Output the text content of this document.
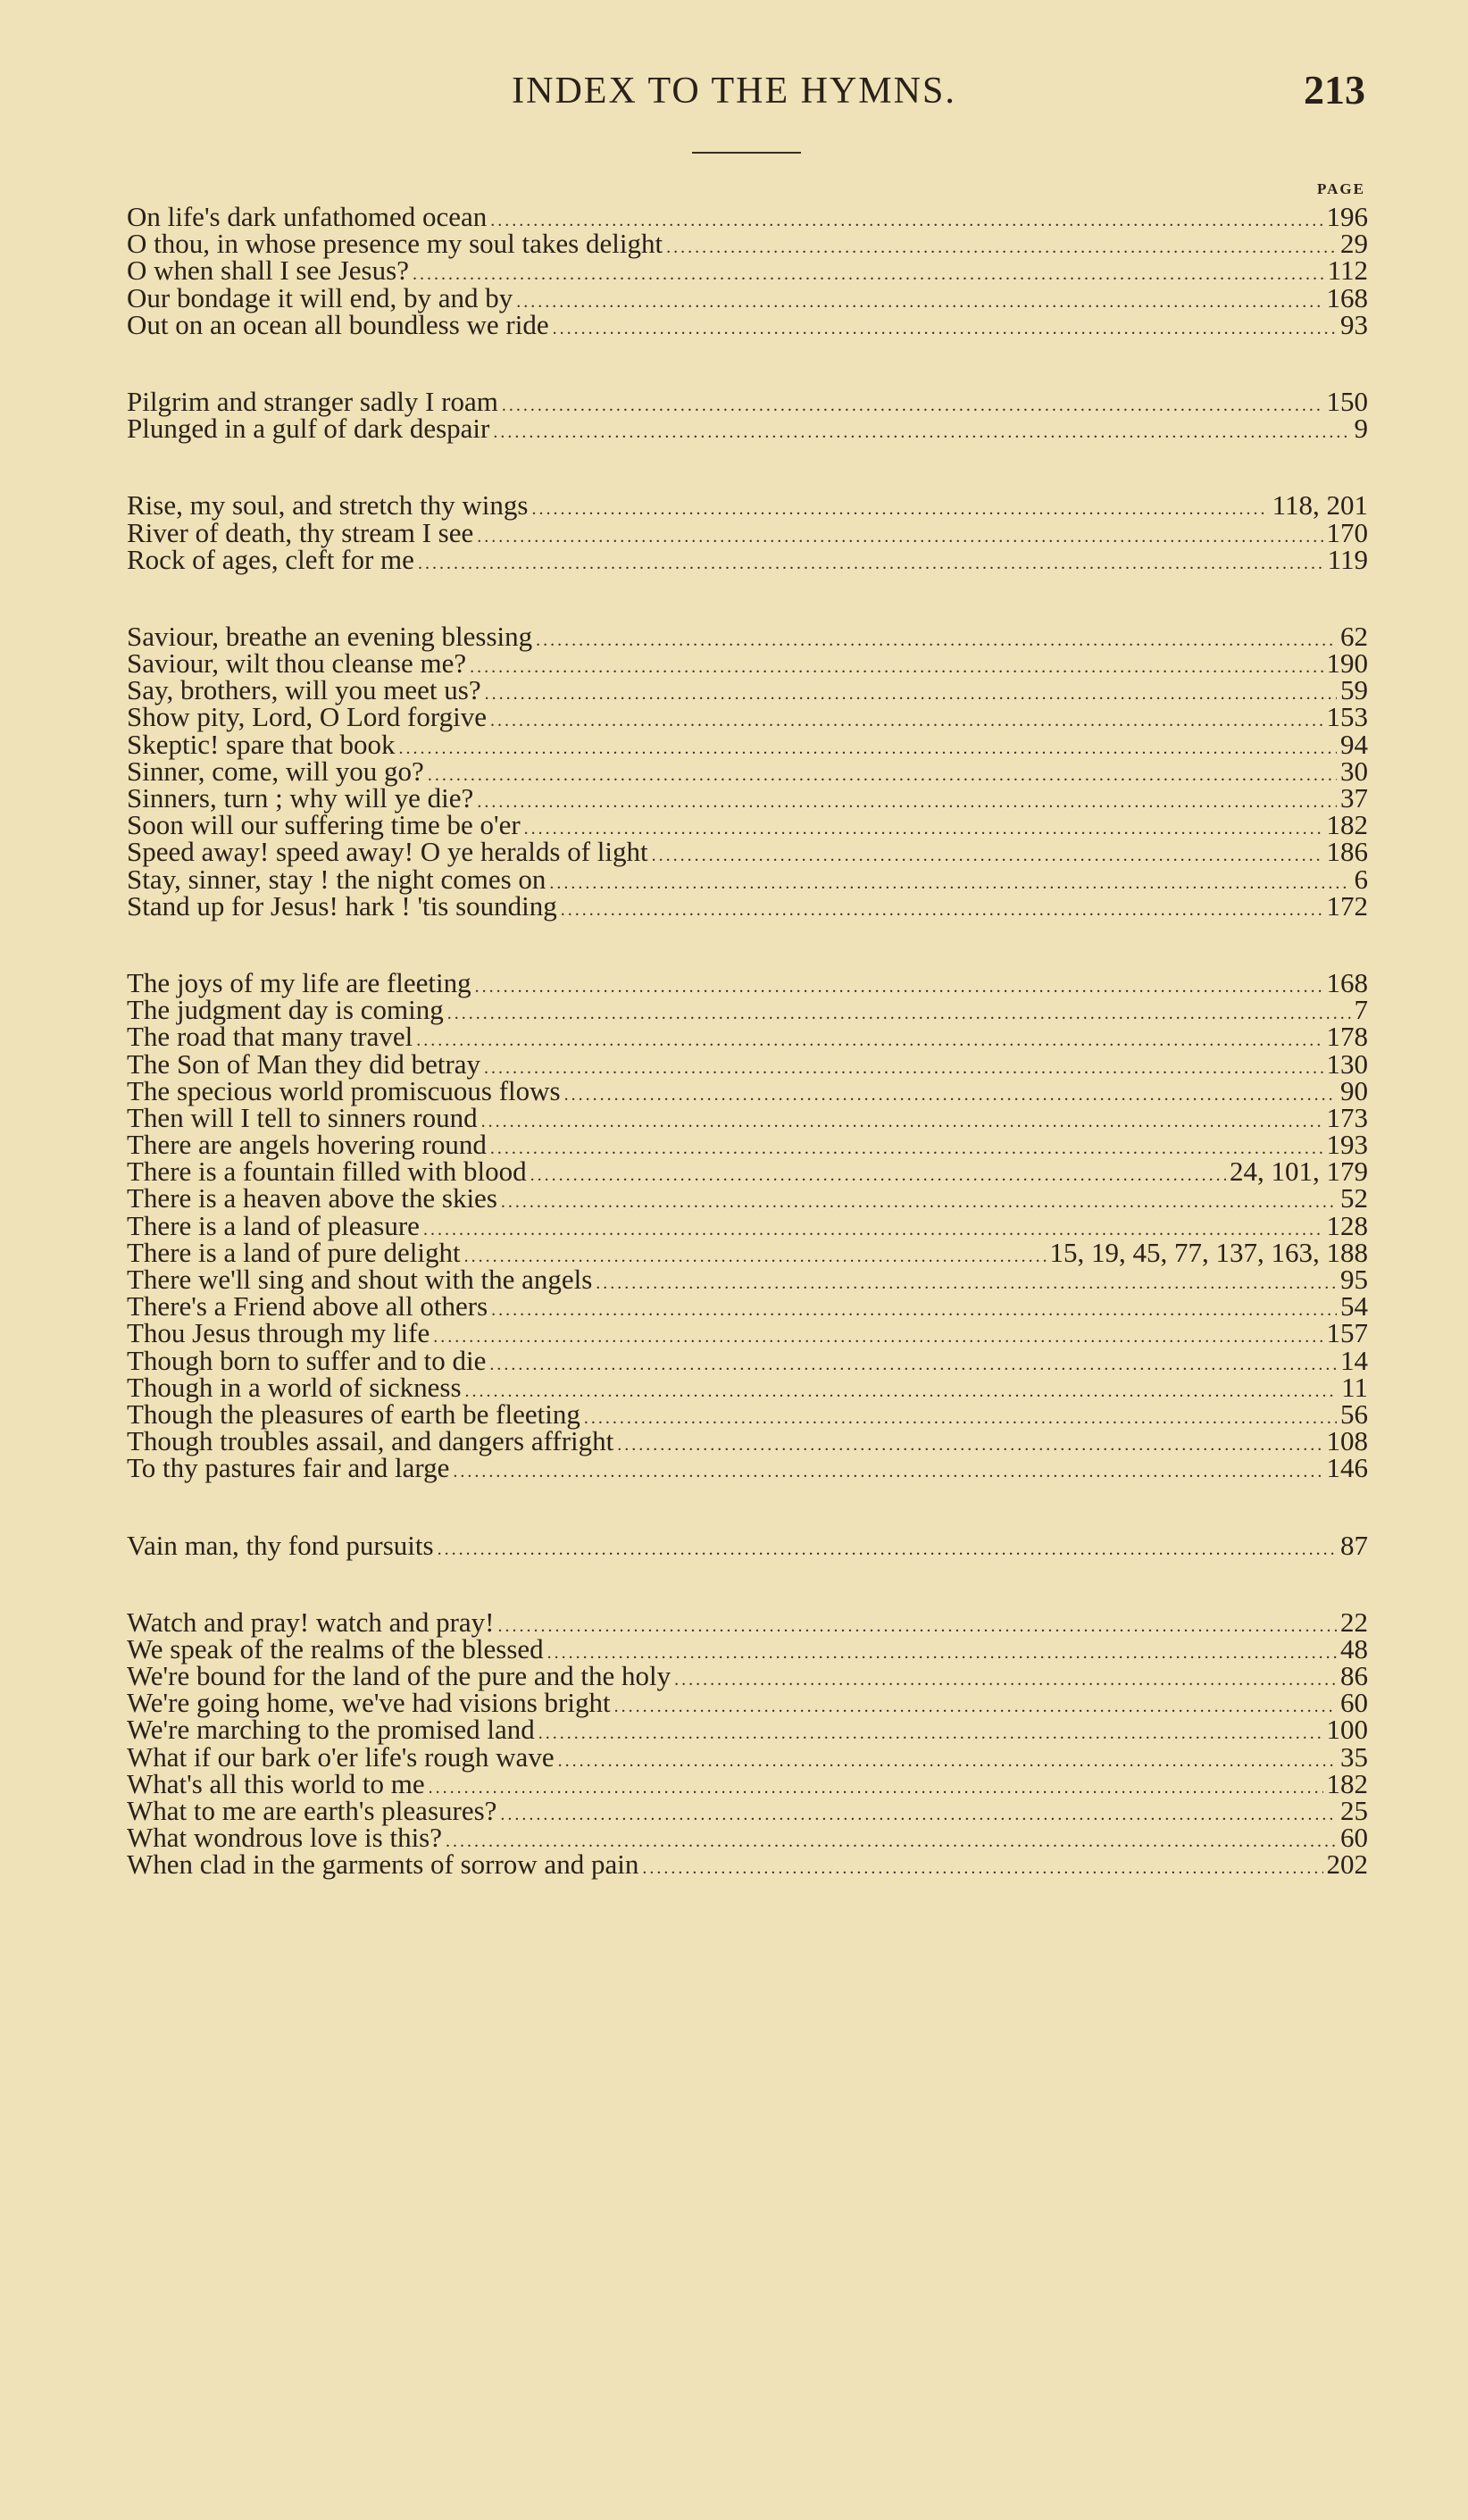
INDEX TO THE HYMNS.	213
PAGE
On life's dark unfathomed ocean .....	196
O thou, in whose presence my soul takes delight .....	29
O when shall I see Jesus? .....	112
Our bondage it will end, by and by .....	168
Out on an ocean all boundless we ride .....	93
Pilgrim and stranger sadly I roam .....	150
Plunged in a gulf of dark despair .....	9
Rise, my soul, and stretch thy wings .....	118, 201
River of death, thy stream I see .....	170
Rock of ages, cleft for me .....	119
Saviour, breathe an evening blessing .....	62
Saviour, wilt thou cleanse me? .....	190
Say, brothers, will you meet us? .....	59
Show pity, Lord, O Lord forgive .....	153
Skeptic! spare that book .....	94
Sinner, come, will you go? .....	30
Sinners, turn ; why will ye die? .....	37
Soon will our suffering time be o'er .....	182
Speed away! speed away! O ye heralds of light .....	186
Stay, sinner, stay ! the night comes on .....	6
Stand up for Jesus! hark ! 'tis sounding .....	172
The joys of my life are fleeting .....	168
The judgment day is coming .....	7
The road that many travel .....	178
The Son of Man they did betray .....	130
The specious world promiscuous flows .....	90
Then will I tell to sinners round .....	173
There are angels hovering round .....	193
There is a fountain filled with blood .....	24, 101, 179
There is a heaven above the skies .....	52
There is a land of pleasure .....	128
There is a land of pure delight .....	15, 19, 45, 77, 137, 163, 188
There we'll sing and shout with the angels .....	95
There's a Friend above all others .....	54
Thou Jesus through my life .....	157
Though born to suffer and to die .....	14
Though in a world of sickness .....	11
Though the pleasures of earth be fleeting .....	56
Though troubles assail, and dangers affright .....	108
To thy pastures fair and large .....	146
Vain man, thy fond pursuits .....	87
Watch and pray! watch and pray! .....	22
We speak of the realms of the blessed .....	48
We're bound for the land of the pure and the holy .....	86
We're going home, we've had visions bright .....	60
We're marching to the promised land .....	100
What if our bark o'er life's rough wave .....	35
What's all this world to me .....	182
What to me are earth's pleasures? .....	25
What wondrous love is this? .....	60
When clad in the garments of sorrow and pain .....	202
